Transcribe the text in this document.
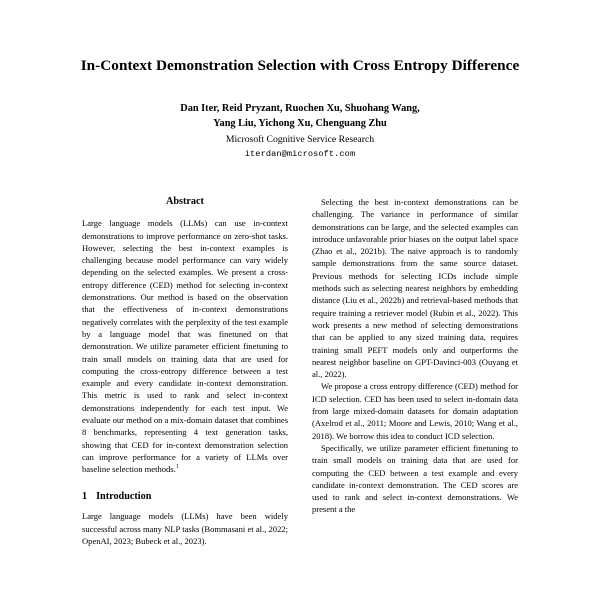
In-Context Demonstration Selection with Cross Entropy Difference
Dan Iter, Reid Pryzant, Ruochen Xu, Shuohang Wang,
Yang Liu, Yichong Xu, Chenguang Zhu
Microsoft Cognitive Service Research
iterdan@microsoft.com
Abstract

Large language models (LLMs) can use in-context demonstrations to improve performance on zero-shot tasks. However, selecting the best in-context examples is challenging because model performance can vary widely depending on the selected examples. We present a cross-entropy difference (CED) method for selecting in-context demonstrations. Our method is based on the observation that the effectiveness of in-context demonstrations negatively correlates with the perplexity of the test example by a language model that was finetuned on that demonstration. We utilize parameter efficient finetuning to train small models on training data that are used for computing the cross-entropy difference between a test example and every candidate in-context demonstration. This metric is used to rank and select in-context demonstrations independently for each test input. We evaluate our method on a mix-domain dataset that combines 8 benchmarks, representing 4 text generation tasks, showing that CED for in-context demonstration selection can improve performance for a variety of LLMs over baseline selection methods.$^1$

1 Introduction

Large language models (LLMs) have been widely successful across many NLP tasks (Bommasani et al., 2022; OpenAI, 2023; Bubeck et al., 2023).

Selecting the best in-context demonstrations can be challenging. The variance in performance of similar demonstrations can be large, and the selected examples can introduce unfavorable prior biases on the output label space (Zhao et al., 2021b). The naive approach is to randomly sample demonstrations from the same source dataset. Previous methods for selecting ICDs include simple methods such as selecting nearest neighbors by embedding distance (Liu et al., 2022b) and retrieval-based methods that require training a retriever model (Rubin et al., 2022). This work presents a new method of selecting demonstrations that can be applied to any sized training data, requires training small PEFT models only and outperforms the nearest neighbor baseline on GPT-Davinci-003 (Ouyang et al., 2022).

We propose a cross entropy difference (CED) method for ICD selection. CED has been used to select in-domain data from large mixed-domain datasets for domain adaptation (Axelrod et al., 2011; Moore and Lewis, 2010; Wang et al., 2018). We borrow this idea to conduct ICD selection.

Specifically, we utilize parameter efficient finetuning to train small models on training data that are used for computing the CED between a test example and every candidate in-context demonstration. The CED scores are used to rank and select in-context demonstrations. We present a the
